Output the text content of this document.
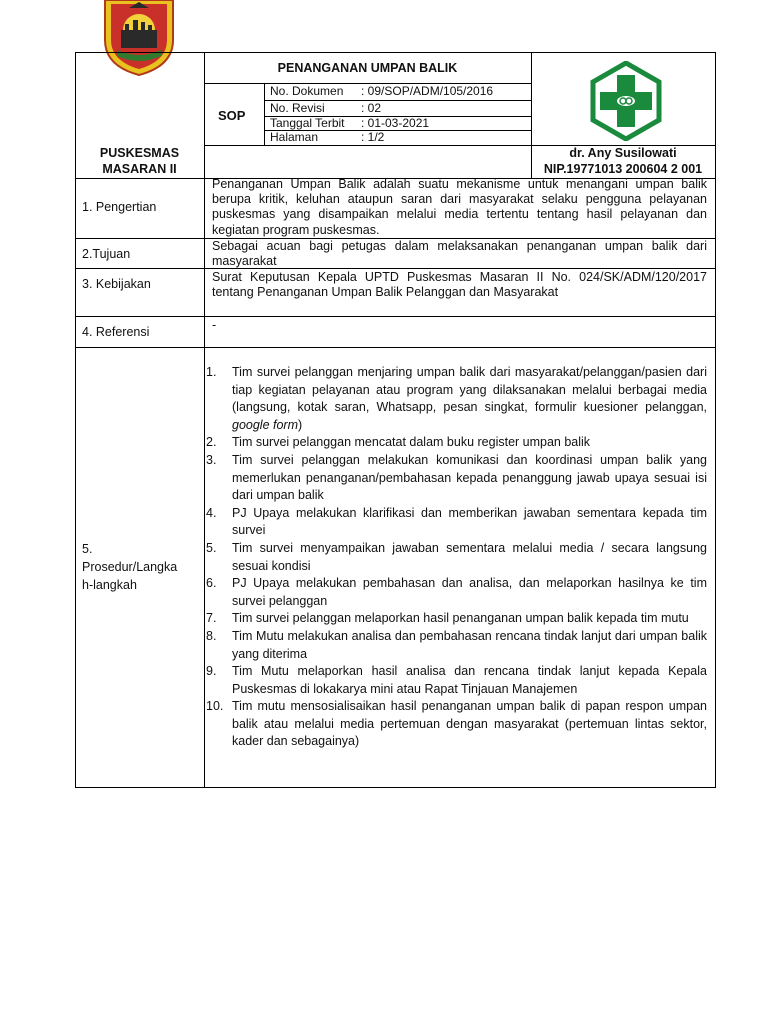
PENANGANAN UMPAN BALIK
SOP
No. Dokumen : 09/SOP/ADM/105/2016
No. Revisi	: 02
Tanggal Terbit : 01-03-2021
Halaman	: 1/2
PUSKESMAS
MASARAN II
dr. Any Susilowati
NIP.19771013 200604 2 001
1. Pengertian
2.Tujuan
3. Kebijakan
4. Referensi
5.
Prosedur/Langka
h-langkah
Penanganan Umpan Balik adalah suatu mekanisme untuk menangani umpan balik berupa kritik, keluhan ataupun saran dari masyarakat selaku pengguna pelayanan puskesmas yang disampaikan melalui media tertentu tentang hasil pelayanan dan kegiatan program puskesmas.
Sebagai acuan bagi petugas dalam melaksanakan penanganan umpan balik dari masyarakat
Surat Keputusan Kepala UPTD Puskesmas Masaran II No. 024/SK/ADM/120/2017 tentang Penanganan Umpan Balik Pelanggan dan Masyarakat
-
1. Tim survei pelanggan menjaring umpan balik dari masyarakat/pelanggan/pasien dari tiap kegiatan pelayanan atau program yang dilaksanakan melalui berbagai media (langsung, kotak saran, Whatsapp, pesan singkat, formulir kuesioner pelanggan, google form)
2. Tim survei pelanggan mencatat dalam buku register umpan balik
3. Tim survei pelanggan melakukan komunikasi dan koordinasi umpan balik yang memerlukan penanganan/pembahasan kepada penanggung jawab upaya sesuai isi dari umpan balik
4. PJ Upaya melakukan klarifikasi dan memberikan jawaban sementara kepada tim survei
5. Tim survei menyampaikan jawaban sementara melalui media / secara langsung sesuai kondisi
6. PJ Upaya melakukan pembahasan dan analisa, dan melaporkan hasilnya ke tim survei pelanggan
7. Tim survei pelanggan melaporkan hasil penanganan umpan balik kepada tim mutu
8. Tim Mutu melakukan analisa dan pembahasan rencana tindak lanjut dari umpan balik yang diterima
9. Tim Mutu melaporkan hasil analisa dan rencana tindak lanjut kepada Kepala Puskesmas di lokakarya mini atau Rapat Tinjauan Manajemen
10. Tim mutu mensosialisaikan hasil penanganan umpan balik di papan respon umpan balik atau melalui media pertemuan dengan masyarakat (pertemuan lintas sektor, kader dan sebagainya)
